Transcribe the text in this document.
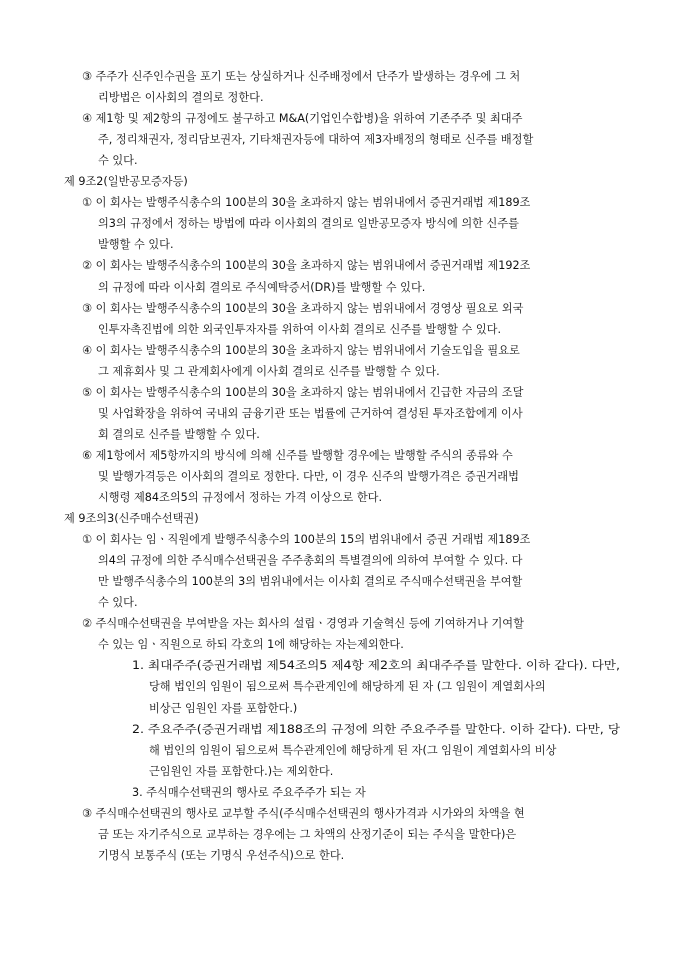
③ 주주가 신주인수권을 포기 또는 상실하거나 신주배정에서 단주가 발생하는 경우에 그 처
리방법은 이사회의 결의로 정한다.
④ 제1항 및 제2항의 규정에도 불구하고 M&A(기업인수합병)을 위하여 기존주주 및 최대주
주, 정리채권자, 정리담보권자, 기타채권자등에 대하여 제3자배정의 형태로 신주를 배정할
수 있다.
제 9조2(일반공모증자등)
① 이 회사는 발행주식총수의 100분의 30을 초과하지 않는 범위내에서 증권거래법 제189조
의3의 규정에서 정하는 방법에 따라 이사회의 결의로 일반공모증자 방식에 의한 신주를
발행할 수 있다.
② 이 회사는 발행주식총수의 100분의 30을 초과하지 않는 범위내에서 증권거래법 제192조
의 규정에 따라 이사회 결의로 주식예탁증서(DR)를 발행할 수 있다.
③ 이 회사는 발행주식총수의 100분의 30을 초과하지 않는 범위내에서 경영상 필요로 외국
인투자촉진법에 의한 외국인투자자를 위하여 이사회 결의로 신주를 발행할 수 있다.
④ 이 회사는 발행주식총수의 100분의 30을 초과하지 않는 범위내에서 기술도입을 필요로
그 제휴회사 및 그 관계회사에게 이사회 결의로 신주를 발행할 수 있다.
⑤ 이 회사는 발행주식총수의 100분의 30을 초과하지 않는 범위내에서 긴급한 자금의 조달
및 사업확장을 위하여 국내외 금융기관 또는 법률에 근거하여 결성된 투자조합에게 이사
회 결의로 신주를 발행할 수 있다.
⑥ 제1항에서 제5항까지의 방식에 의해 신주를 발행할 경우에는 발행할 주식의 종류와 수
및 발행가격등은 이사회의 결의로 정한다. 다만, 이 경우 신주의 발행가격은 증권거래법
시행령 제84조의5의 규정에서 정하는 가격 이상으로 한다.
제 9조의3(신주매수선택권)
① 이 회사는 임ㆍ직원에게 발행주식총수의 100분의 15의 범위내에서 증권 거래법 제189조
의4의 규정에 의한 주식매수선택권을 주주총회의 특별결의에 의하여 부여할 수 있다. 다
만 발행주식총수의 100분의 3의 범위내에서는 이사회 결의로 주식매수선택권을 부여할
수 있다.
② 주식매수선택권을 부여받을 자는 회사의 설립ㆍ경영과 기술혁신 등에 기여하거나 기여할
수 있는 임ㆍ직원으로 하되 각호의 1에 해당하는 자는제외한다.
1. 최대주주(증권거래법 제54조의5 제4항 제2호의 최대주주를 말한다. 이하 같다). 다만,
당해 법인의 임원이 됨으로써 특수관계인에 해당하게 된 자 (그 임원이 계열회사의
비상근 임원인 자를 포함한다.)
2. 주요주주(증권거래법 제188조의 규정에 의한 주요주주를 말한다. 이하 같다). 다만, 당
해 법인의 임원이 됨으로써 특수관계인에 해당하게 된 자(그 임원이 계열회사의 비상
근임원인 자를 포함한다.)는 제외한다.
3. 주식매수선택권의 행사로 주요주주가 되는 자
③ 주식매수선택권의 행사로 교부할 주식(주식매수선택권의 행사가격과 시가와의 차액을 현
금 또는 자기주식으로 교부하는 경우에는 그 차액의 산정기준이 되는 주식을 말한다)은
기명식 보통주식 (또는 기명식 우선주식)으로 한다.
